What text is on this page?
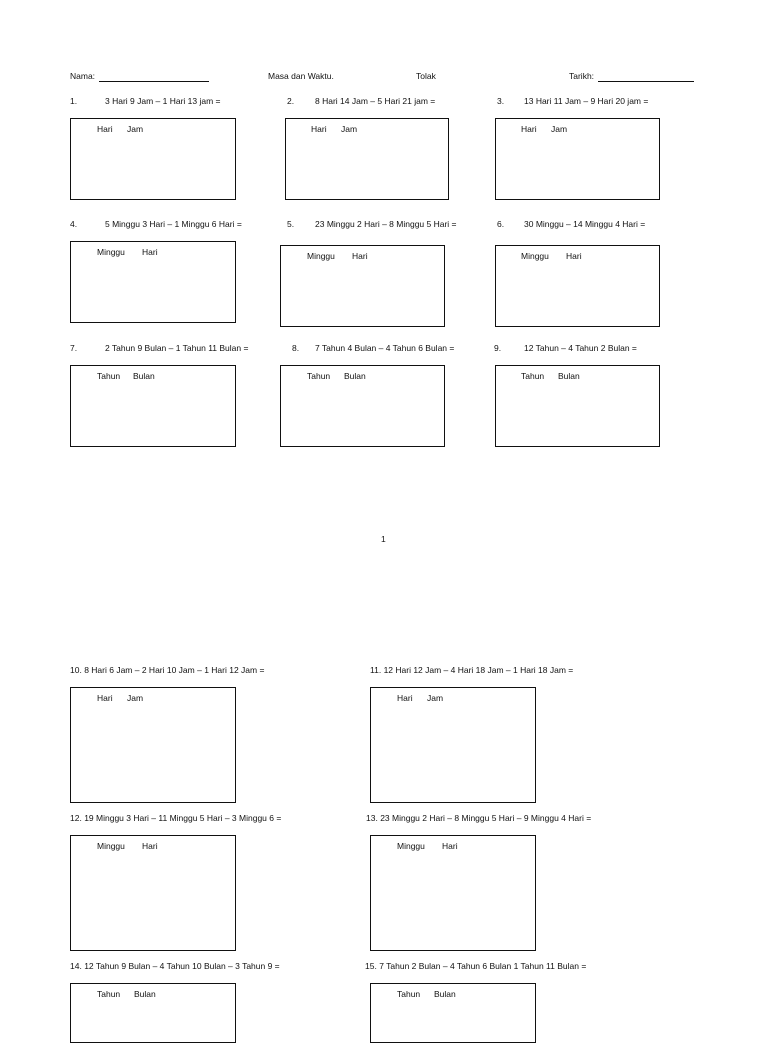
Nama:	Masa dan Waktu.	Tolak	Tarikh:
1.	3 Hari 9 Jam – 1 Hari 13 jam =
Hari Jam
2. 8 Hari 14 Jam – 5 Hari 21 jam =
Hari Jam
3. 13 Hari 11 Jam – 9 Hari 20 jam =
Hari Jam
4.	5 Minggu 3 Hari – 1 Minggu 6 Hari =
Minggu Hari
5. 23 Minggu 2 Hari – 8 Minggu 5 Hari =
Minggu Hari
6. 30 Minggu – 14 Minggu 4 Hari =
Minggu Hari
7.	2 Tahun 9 Bulan – 1 Tahun 11 Bulan =
Tahun Bulan
8. 7 Tahun 4 Bulan – 4 Tahun 6 Bulan =
Tahun Bulan
9.	12 Tahun – 4 Tahun 2 Bulan =
Tahun Bulan
1
10. 8 Hari 6 Jam – 2 Hari 10 Jam – 1 Hari 12 Jam =
Hari Jam
11. 12 Hari 12 Jam – 4 Hari 18 Jam – 1 Hari 18 Jam =
Hari Jam
12. 19 Minggu 3 Hari – 11 Minggu 5 Hari – 3 Minggu 6 =
Minggu Hari
13. 23 Minggu 2 Hari – 8 Minggu 5 Hari – 9 Minggu 4 Hari =
Minggu Hari
14. 12 Tahun 9 Bulan – 4 Tahun 10 Bulan – 3 Tahun 9 =
Tahun Bulan
15. 7 Tahun 2 Bulan – 4 Tahun 6 Bulan 1 Tahun 11 Bulan =
Tahun Bulan
